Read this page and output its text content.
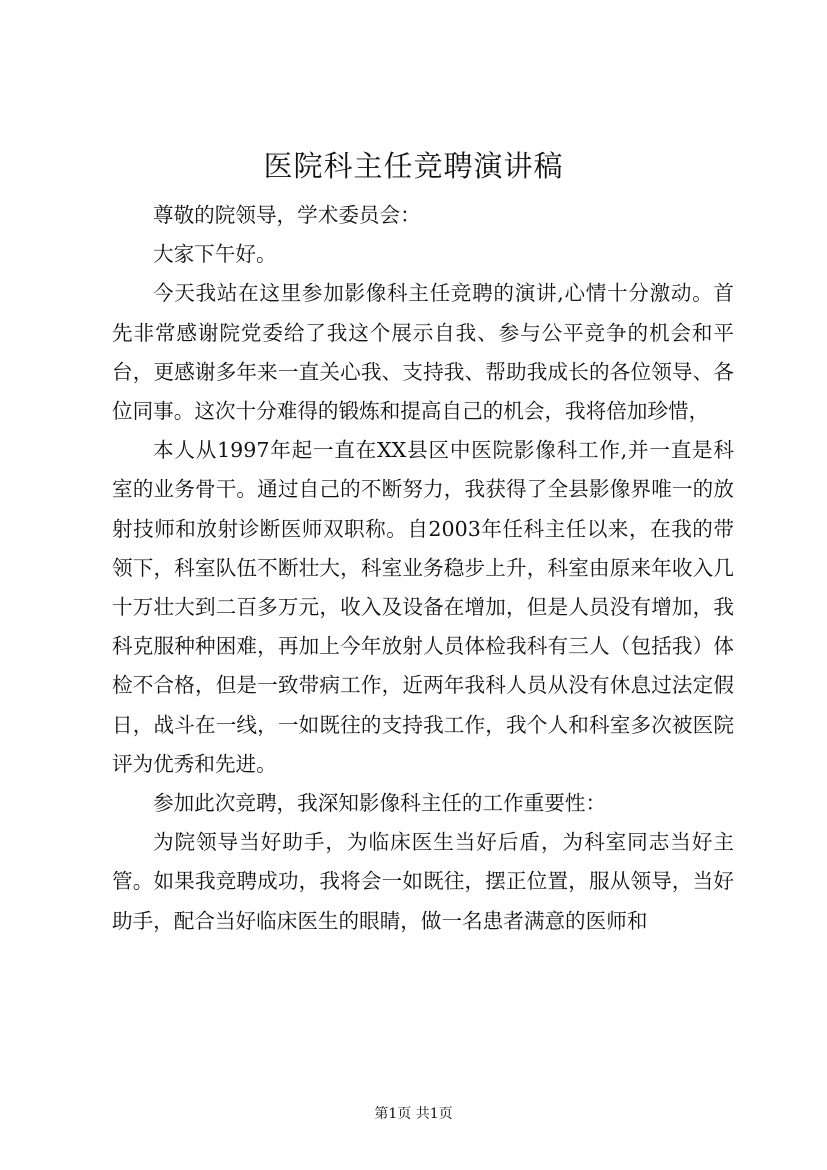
医院科主任竞聘演讲稿

尊敬的院领导，学术委员会：

大家下午好。

今天我站在这里参加影像科主任竞聘的演讲,心情十分激动。首先非常感谢院党委给了我这个展示自我、参与公平竞争的机会和平台，更感谢多年来一直关心我、支持我、帮助我成长的各位领导、各位同事。这次十分难得的锻炼和提高自己的机会，我将倍加珍惜，

本人从1997年起一直在XX县区中医院影像科工作,并一直是科室的业务骨干。通过自己的不断努力，我获得了全县影像界唯一的放射技师和放射诊断医师双职称。自2003年任科主任以来，在我的带领下，科室队伍不断壮大，科室业务稳步上升，科室由原来年收入几十万壮大到二百多万元，收入及设备在增加，但是人员没有增加，我科克服种种困难，再加上今年放射人员体检我科有三人（包括我）体检不合格，但是一致带病工作，近两年我科人员从没有休息过法定假日，战斗在一线，一如既往的支持我工作，我个人和科室多次被医院评为优秀和先进。

参加此次竞聘，我深知影像科主任的工作重要性：

为院领导当好助手，为临床医生当好后盾，为科室同志当好主管。如果我竞聘成功，我将会一如既往，摆正位置，服从领导，当好助手，配合当好临床医生的眼睛，做一名患者满意的医师和

第1页 共1页
